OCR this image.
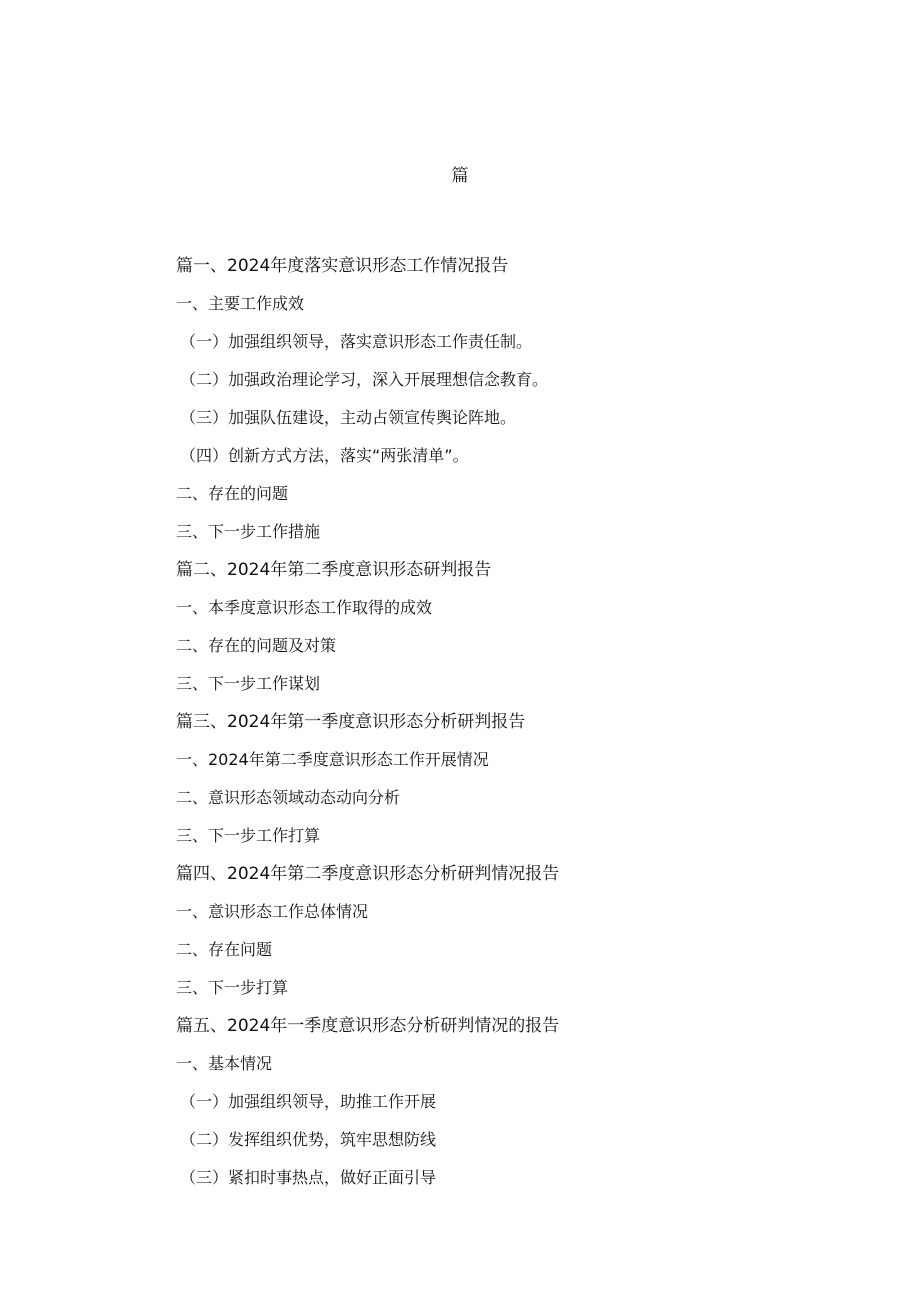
篇
篇一、2024年度落实意识形态工作情况报告
一、主要工作成效
（一）加强组织领导，落实意识形态工作责任制。
（二）加强政治理论学习，深入开展理想信念教育。
（三）加强队伍建设，主动占领宣传舆论阵地。
（四）创新方式方法，落实“两张清单”。
二、存在的问题
三、下一步工作措施
篇二、2024年第二季度意识形态研判报告
一、本季度意识形态工作取得的成效
二、存在的问题及对策
三、下一步工作谋划
篇三、2024年第一季度意识形态分析研判报告
一、2024年第二季度意识形态工作开展情况
二、意识形态领域动态动向分析
三、下一步工作打算
篇四、2024年第二季度意识形态分析研判情况报告
一、意识形态工作总体情况
二、存在问题
三、下一步打算
篇五、2024年一季度意识形态分析研判情况的报告
一、基本情况
（一）加强组织领导，助推工作开展
（二）发挥组织优势，筑牢思想防线
（三）紧扣时事热点，做好正面引导
